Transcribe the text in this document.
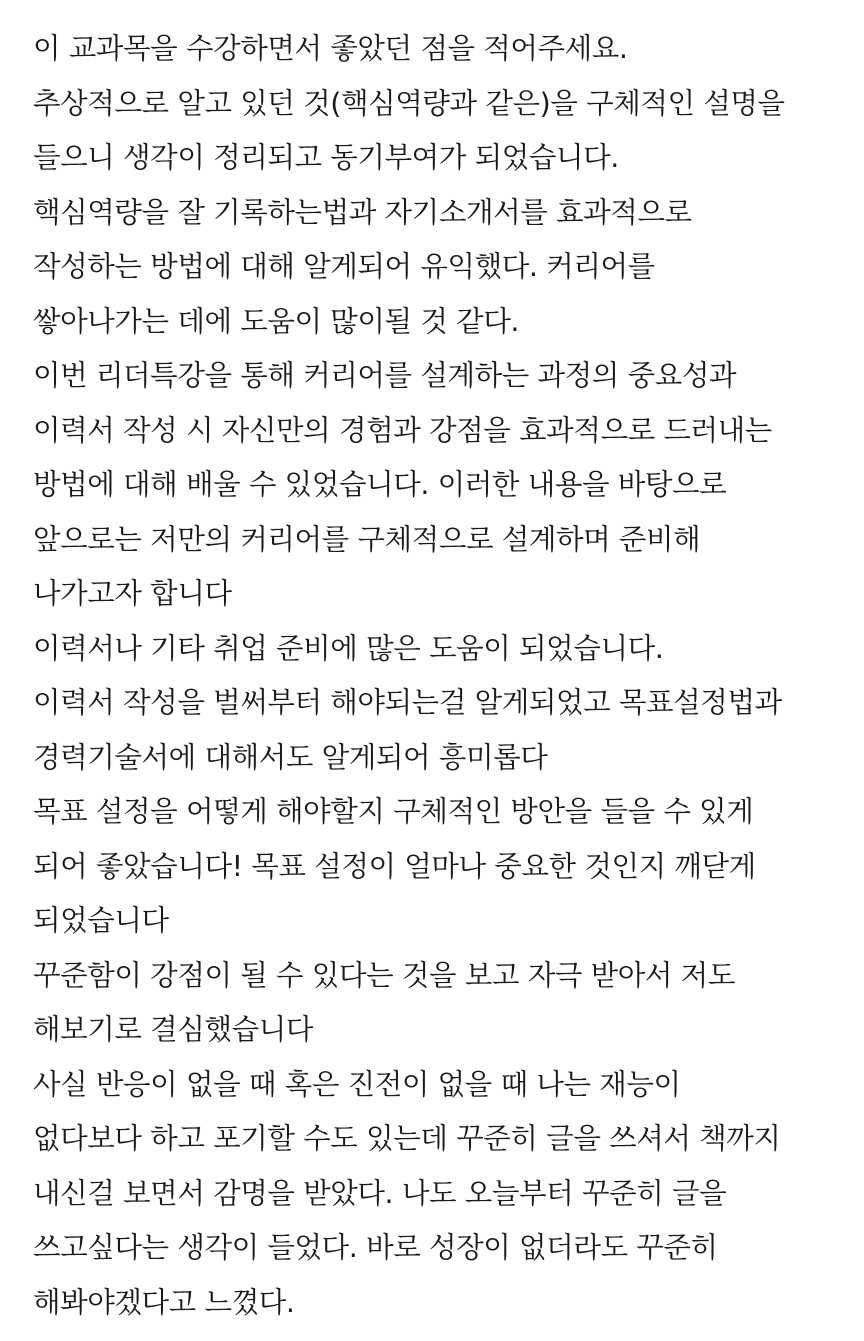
이 교과목을 수강하면서 좋았던 점을 적어주세요.
추상적으로 알고 있던 것(핵심역량과 같은)을 구체적인 설명을
들으니 생각이 정리되고 동기부여가 되었습니다.
핵심역량을 잘 기록하는법과 자기소개서를 효과적으로
작성하는 방법에 대해 알게되어 유익했다. 커리어를
쌓아나가는 데에 도움이 많이될 것 같다.
이번 리더특강을 통해 커리어를 설계하는 과정의 중요성과
이력서 작성 시 자신만의 경험과 강점을 효과적으로 드러내는
방법에 대해 배울 수 있었습니다. 이러한 내용을 바탕으로
앞으로는 저만의 커리어를 구체적으로 설계하며 준비해
나가고자 합니다
이력서나 기타 취업 준비에 많은 도움이 되었습니다.
이력서 작성을 벌써부터 해야되는걸 알게되었고 목표설정법과
경력기술서에 대해서도 알게되어 흥미롭다
목표 설정을 어떻게 해야할지 구체적인 방안을 들을 수 있게
되어 좋았습니다! 목표 설정이 얼마나 중요한 것인지 깨닫게
되었습니다
꾸준함이 강점이 될 수 있다는 것을 보고 자극 받아서 저도
해보기로 결심했습니다
사실 반응이 없을 때 혹은 진전이 없을 때 나는 재능이
없다보다 하고 포기할 수도 있는데 꾸준히 글을 쓰셔서 책까지
내신걸 보면서 감명을 받았다. 나도 오늘부터 꾸준히 글을
쓰고싶다는 생각이 들었다. 바로 성장이 없더라도 꾸준히
해봐야겠다고 느꼈다.
